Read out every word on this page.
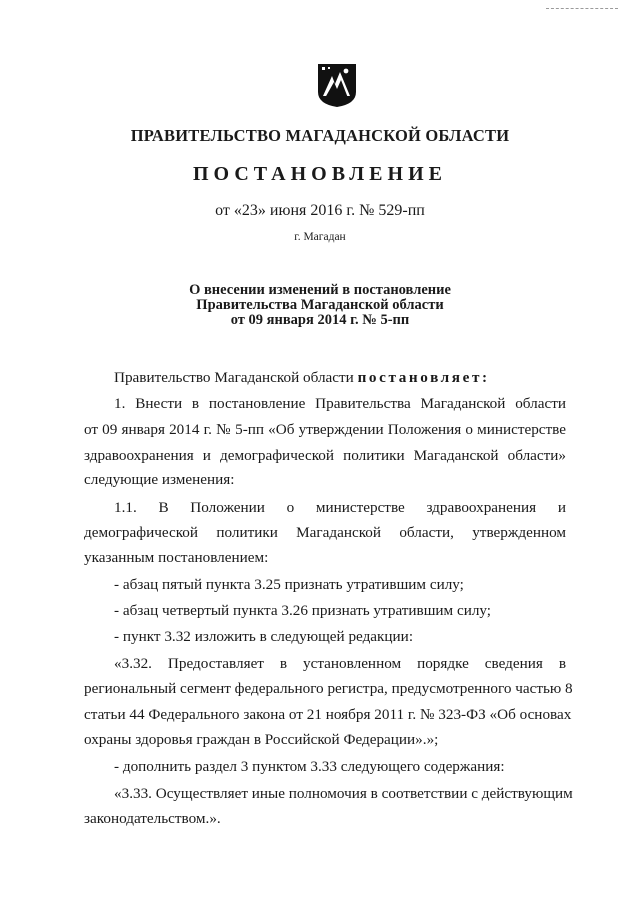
ПРАВИТЕЛЬСТВО МАГАДАНСКОЙ ОБЛАСТИ
ПОСТАНОВЛЕНИЕ
от «23» июня 2016 г. № 529-пп
г. Магадан
О внесении изменений в постановление
Правительства Магаданской области
от 09 января 2014 г. № 5-пп
Правительство Магаданской области постановляет:
1. Внести в постановление Правительства Магаданской области
от 09 января 2014 г. № 5-пп «Об утверждении Положения о министерстве
здравоохранения и демографической политики Магаданской области»
следующие изменения:
1.1. В Положении о министерстве здравоохранения и
демографической политики Магаданской области, утвержденном
указанным постановлением:
- абзац пятый пункта 3.25 признать утратившим силу;
- абзац четвертый пункта 3.26 признать утратившим силу;
- пункт 3.32 изложить в следующей редакции:
«3.32. Предоставляет в установленном порядке сведения в
региональный сегмент федерального регистра, предусмотренного частью 8
статьи 44 Федерального закона от 21 ноября 2011 г. № 323-ФЗ «Об основах
охраны здоровья граждан в Российской Федерации».»;
- дополнить раздел 3 пунктом 3.33 следующего содержания:
«3.33. Осуществляет иные полномочия в соответствии с действующим
законодательством.».
